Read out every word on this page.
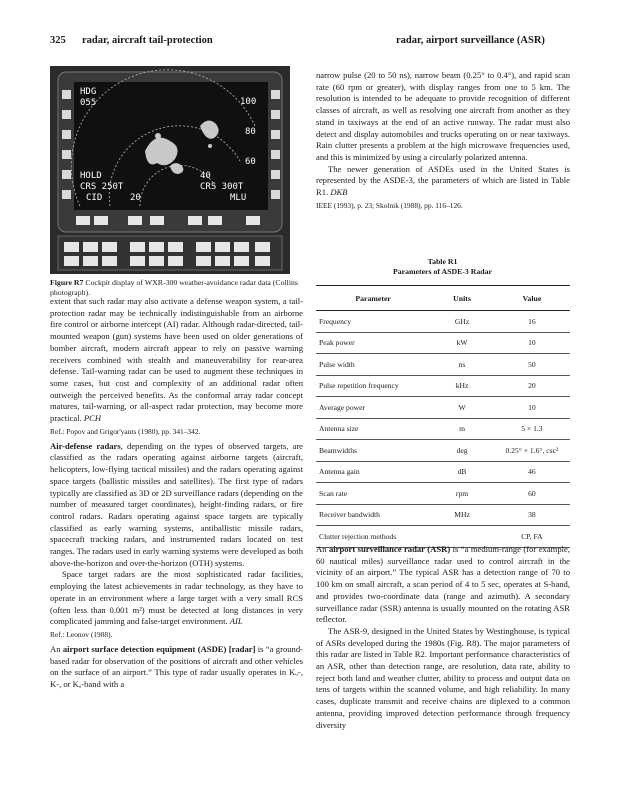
325 radar, aircraft tail-protection	radar, airport surveillance (ASR)
HDG
055
HOLD
CRS 250T
CID
40
CRS 300T
20	MLU
100
80
60
Figure R7 Cockpit display of WXR-300 weather-avoidance radar data (Collins photograph).

extent that such radar may also activate a defense weapon system, a tail-protection radar may be technically indistinguishable from an airborne fire control or airborne intercept (AI) radar. Although radar-directed, tail-mounted weapon (gun) systems have been used on older generations of bomber aircraft, modern aircraft appear to rely on passive warning receivers combined with stealth and maneuverability for rear-area defense. Tail-warning radar can be used to augment these techniques in some cases, but cost and complexity of an additional radar often outweigh the perceived benefits. As the conformal array radar concept matures, tail-warning, or all-aspect radar protection, may become more practical. PCH

Ref.: Popov and Grigor'yants (1980), pp. 341–342.

Air-defense radars, depending on the types of observed targets, are classified as the radars operating against airborne targets (aircraft, helicopters, low-flying tactical missiles) and the radars operating against space targets (ballistic missiles and satellites). The first type of radars typically are classified as 3D or 2D surveillance radars (depending on the number of measured target coordinates), height-finding radars, or fire control radars. Radars operating against space targets are typically classified as early warning systems, antiballistic missile radars, spacecraft tracking radars, and instrumented radars located on test ranges. The radars used in early warning systems were developed as both above-the-horizon and over-the-horizon (OTH) systems.

Space target radars are the most sophisticated radar facilities, employing the latest achievements in radar technology, as they have to operate in an environment where a large target with a very small RCS (often less than 0.001 m²) must be detected at long distances in very complicated jamming and false-target environment. AIL

Ref.: Leonov (1988).

An airport surface detection equipment (ASDE) [radar] is “a ground-based radar for observation of the positions of aircraft and other vehicles on the surface of an airport.” This type of radar usually operates in Kᵤ-, K-, or Kₐ-band with a

narrow pulse (20 to 50 ns), narrow beam (0.25° to 0.4°), and rapid scan rate (60 rpm or greater), with display ranges from one to 5 km. The resolution is intended to be adequate to provide recognition of different classes of aircraft, as well as resolving one aircraft from another as they stand in taxiways at the end of an active runway. The radar must also detect and display automobiles and trucks operating on or near taxiways. Rain clutter presents a problem at the high microwave frequencies used, and this is minimized by using a circularly polarized antenna.

The newer generation of ASDEs used in the United States is represented by the ASDE-3, the parameters of which are listed in Table R1. DKB

IEEE (1993), p. 23; Skolnik (1988), pp. 116–126.

Table R1
Parameters of ASDE-3 Radar
Parameter	Units	Value
Frequency	GHz	16
Peak power	kW	10
Pulse width	ns	50
Pulse repetition frequency	kHz	20
Average power	W	10
Antenna size	m	5 × 1.3
Beamwidths	deg	0.25° × 1.6°, csc²
Antenna gain	dB	46
Scan rate	rpm	60
Receiver bandwidth	MHz	38
Clutter rejection methods		CP, FA

An airport surveillance radar (ASR) is “a medium-range (for example, 60 nautical miles) surveillance radar used to control aircraft in the vicinity of an airport.” The typical ASR has a detection range of 70 to 100 km on small aircraft, a scan period of 4 to 5 sec, operates at S-band, and provides two-coordinate data (range and azimuth). A secondary surveillance radar (SSR) antenna is usually mounted on the rotating ASR reflector.

The ASR-9, designed in the United States by Westinghouse, is typical of ASRs developed during the 1980s (Fig. R8). The major parameters of this radar are listed in Table R2. Important performance characteristics of an ASR, other than detection range, are resolution, data rate, ability to reject both land and weather clutter, ability to process and output data on tens of targets within the scanned volume, and high reliability. In many cases, duplicate transmit and receive chains are diplexed to a common antenna, providing improved detection performance through frequency diversity
